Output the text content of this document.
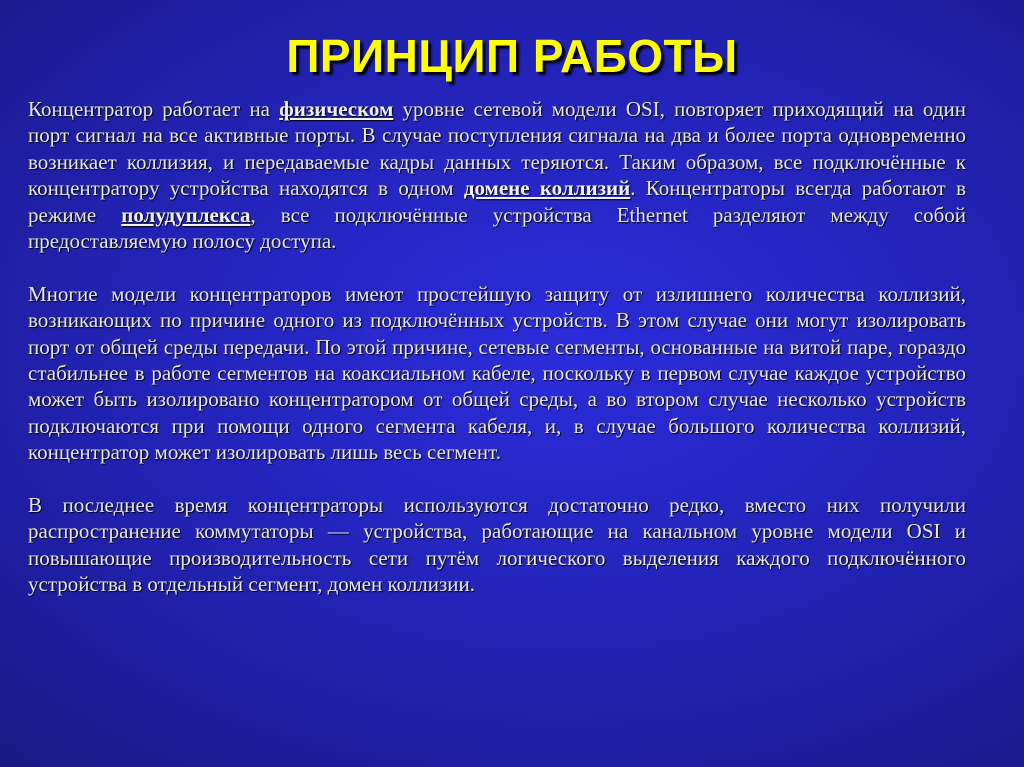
ПРИНЦИП РАБОТЫ

Концентратор работает на физическом уровне сетевой модели OSI, повторяет приходящий на один порт сигнал на все активные порты. В случае поступления сигнала на два и более порта одновременно возникает коллизия, и передаваемые кадры данных теряются. Таким образом, все подключённые к концентратору устройства находятся в одном домене коллизий. Концентраторы всегда работают в режиме полудуплекса, все подключённые устройства Ethernet разделяют между собой предоставляемую полосу доступа.

Многие модели концентраторов имеют простейшую защиту от излишнего количества коллизий, возникающих по причине одного из подключённых устройств. В этом случае они могут изолировать порт от общей среды передачи. По этой причине, сетевые сегменты, основанные на витой паре, гораздо стабильнее в работе сегментов на коаксиальном кабеле, поскольку в первом случае каждое устройство может быть изолировано концентратором от общей среды, а во втором случае несколько устройств подключаются при помощи одного сегмента кабеля, и, в случае большого количества коллизий, концентратор может изолировать лишь весь сегмент.

В последнее время концентраторы используются достаточно редко, вместо них получили распространение коммутаторы — устройства, работающие на канальном уровне модели OSI и повышающие производительность сети путём логического выделения каждого подключённого устройства в отдельный сегмент, домен коллизии.
